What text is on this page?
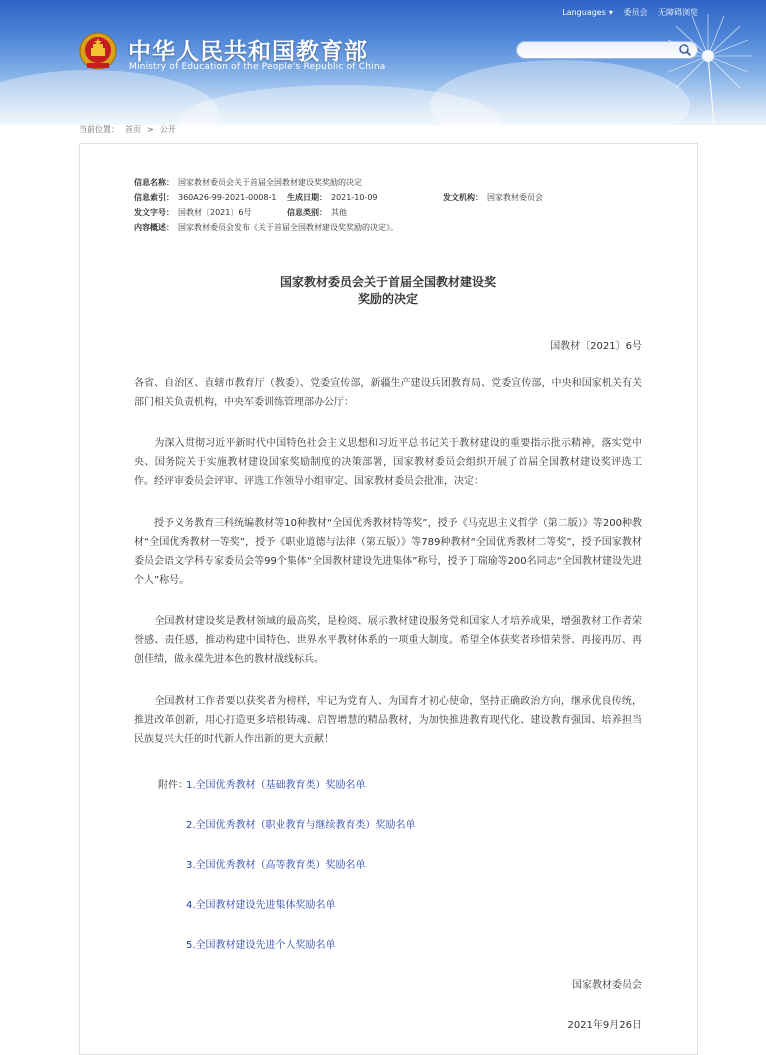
中华人民共和国教育部
Ministry of Education of the People's Republic of China
Languages ▾ 委员会 无障碍浏览
当前位置： 首页 > 公开
信息名称： 国家教材委员会关于首届全国教材建设奖奖励的决定
信息索引： 360A26-99-2021-0008-1 生成日期： 2021-10-09	发文机构： 国家教材委员会
发文字号： 国教材〔2021〕6号	信息类别： 其他
内容概述： 国家教材委员会发布《关于首届全国教材建设奖奖励的决定》。
国家教材委员会关于首届全国教材建设奖
奖励的决定
国教材〔2021〕6号
各省、自治区、直辖市教育厅（教委）、党委宣传部，新疆生产建设兵团教育局、党委宣传部，中央和国家机关有关部门相关负责机构，中央军委训练管理部办公厅：
　　为深入贯彻习近平新时代中国特色社会主义思想和习近平总书记关于教材建设的重要指示批示精神，落实党中央、国务院关于实施教材建设国家奖励制度的决策部署，国家教材委员会组织开展了首届全国教材建设奖评选工作。经评审委员会评审、评选工作领导小组审定、国家教材委员会批准，决定：
　　授予义务教育三科统编教材等10种教材“全国优秀教材特等奖”，授予《马克思主义哲学（第二版）》等200种教材“全国优秀教材一等奖”，授予《职业道德与法律（第五版）》等789种教材“全国优秀教材二等奖”，授予国家教材委员会语文学科专家委员会等99个集体“全国教材建设先进集体”称号，授予丁瑞瑜等200名同志“全国教材建设先进个人”称号。
　　全国教材建设奖是教材领域的最高奖，是检阅、展示教材建设服务党和国家人才培养成果，增强教材工作者荣誉感、责任感，推动构建中国特色、世界水平教材体系的一项重大制度。希望全体获奖者珍惜荣誉、再接再厉、再创佳绩，做永葆先进本色的教材战线标兵。
　　全国教材工作者要以获奖者为榜样，牢记为党育人、为国育才初心使命，坚持正确政治方向，继承优良传统，推进改革创新，用心打造更多培根铸魂、启智增慧的精品教材，为加快推进教育现代化、建设教育强国、培养担当民族复兴大任的时代新人作出新的更大贡献！
附件：
1.全国优秀教材（基础教育类）奖励名单
2.全国优秀教材（职业教育与继续教育类）奖励名单
3.全国优秀教材（高等教育类）奖励名单
4.全国教材建设先进集体奖励名单
5.全国教材建设先进个人奖励名单
国家教材委员会
2021年9月26日
